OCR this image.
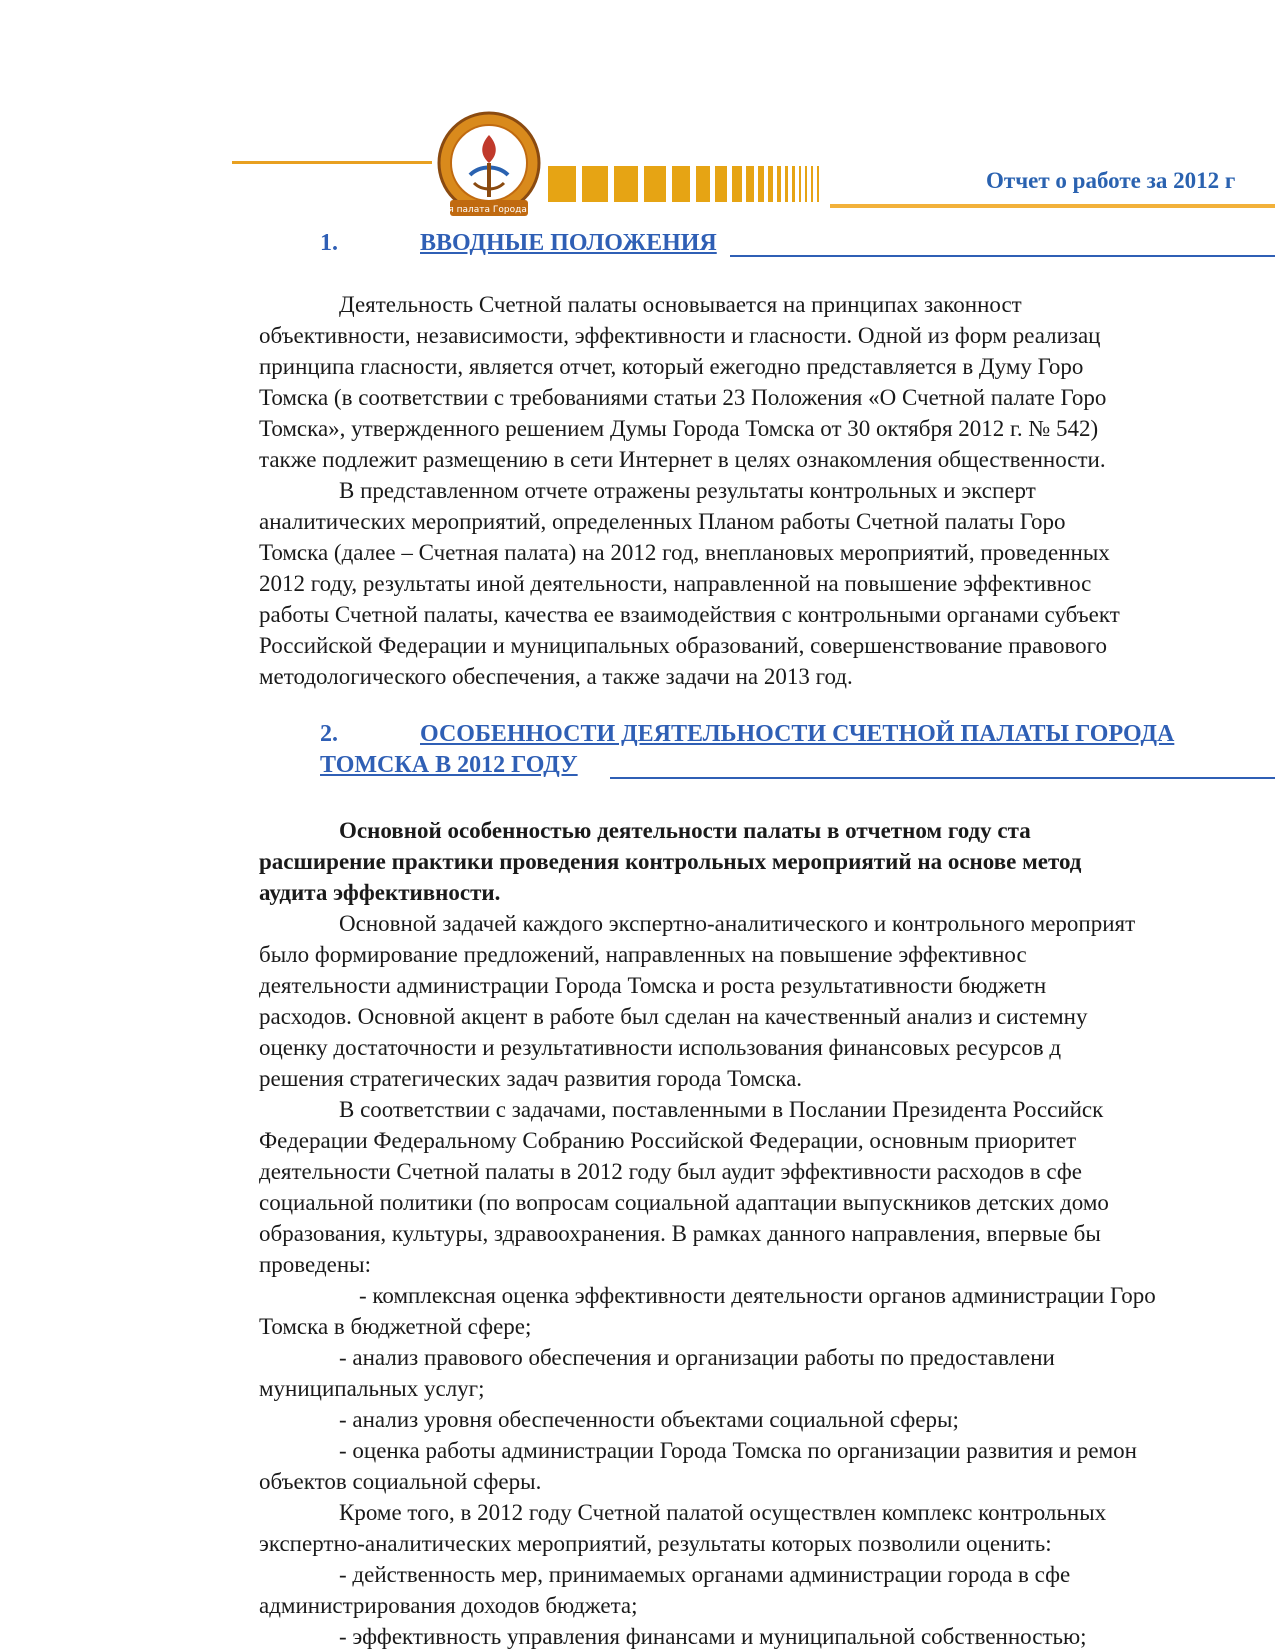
Счетная палата Города Томска
Отчет о работе за 2012 г
1.	ВВОДНЫЕ ПОЛОЖЕНИЯ
Деятельность Счетной палаты основывается на принципах законност
объективности, независимости, эффективности и гласности. Одной из форм реализац
принципа гласности, является отчет, который ежегодно представляется в Думу Горо
Томска (в соответствии с требованиями статьи 23 Положения «О Счетной палате Горо
Томска», утвержденного решением Думы Города Томска от 30 октября 2012 г. № 542)
также подлежит размещению в сети Интернет в целях ознакомления общественности.
В представленном отчете отражены результаты контрольных и эксперт
аналитических мероприятий, определенных Планом работы Счетной палаты Горо
Томска (далее – Счетная палата) на 2012 год, внеплановых мероприятий, проведенных
2012 году, результаты иной деятельности, направленной на повышение эффективнос
работы Счетной палаты, качества ее взаимодействия с контрольными органами субъект
Российской Федерации и муниципальных образований, совершенствование правового
методологического обеспечения, а также задачи на 2013 год.
2.	ОСОБЕННОСТИ ДЕЯТЕЛЬНОСТИ СЧЕТНОЙ ПАЛАТЫ ГОРОДА
ТОМСКА В 2012 ГОДУ
Основной особенностью деятельности палаты в отчетном году ста
расширение практики проведения контрольных мероприятий на основе метод
аудита эффективности.
Основной задачей каждого экспертно-аналитического и контрольного мероприят
было формирование предложений, направленных на повышение эффективнос
деятельности администрации Города Томска и роста результативности бюджетн
расходов. Основной акцент в работе был сделан на качественный анализ и системну
оценку достаточности и результативности использования финансовых ресурсов д
решения стратегических задач развития города Томска.
В соответствии с задачами, поставленными в Послании Президента Российск
Федерации Федеральному Собранию Российской Федерации, основным приоритет
деятельности Счетной палаты в 2012 году был аудит эффективности расходов в сфе
социальной политики (по вопросам социальной адаптации выпускников детских домо
образования, культуры, здравоохранения. В рамках данного направления, впервые бы
проведены:
- комплексная оценка эффективности деятельности органов администрации Горо
Томска в бюджетной сфере;
- анализ правового обеспечения и организации работы по предоставлени
муниципальных услуг;
- анализ уровня обеспеченности объектами социальной сферы;
- оценка работы администрации Города Томска по организации развития и ремон
объектов социальной сферы.
Кроме того, в 2012 году Счетной палатой осуществлен комплекс контрольных
экспертно-аналитических мероприятий, результаты которых позволили оценить:
- действенность мер, принимаемых органами администрации города в сфе
администрирования доходов бюджета;
- эффективность управления финансами и муниципальной собственностью;
